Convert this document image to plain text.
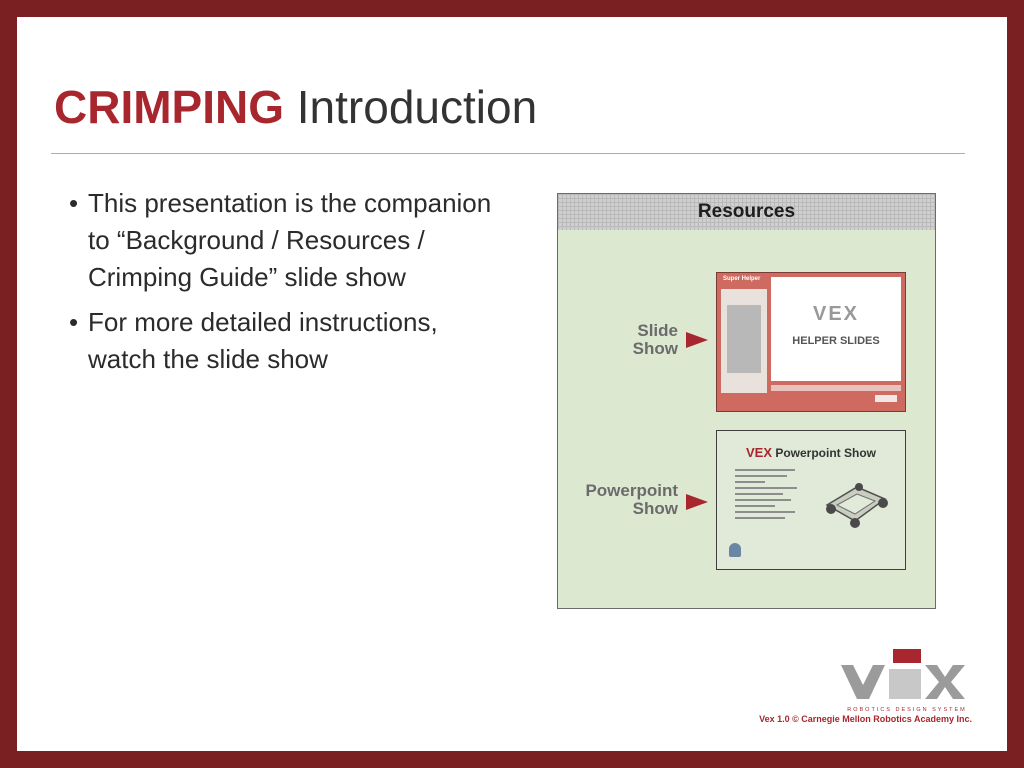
CRIMPING Introduction
• This presentation is the companion to “Background / Resources / Crimping Guide” slide show
• For more detailed instructions, watch the slide show
Resources
Slide
Show
Powerpoint
Show
Super Helper
VEX
HELPER SLIDES
VEX Powerpoint Show
ROBOTICS DESIGN SYSTEM
Vex 1.0 © Carnegie Mellon Robotics Academy Inc.
